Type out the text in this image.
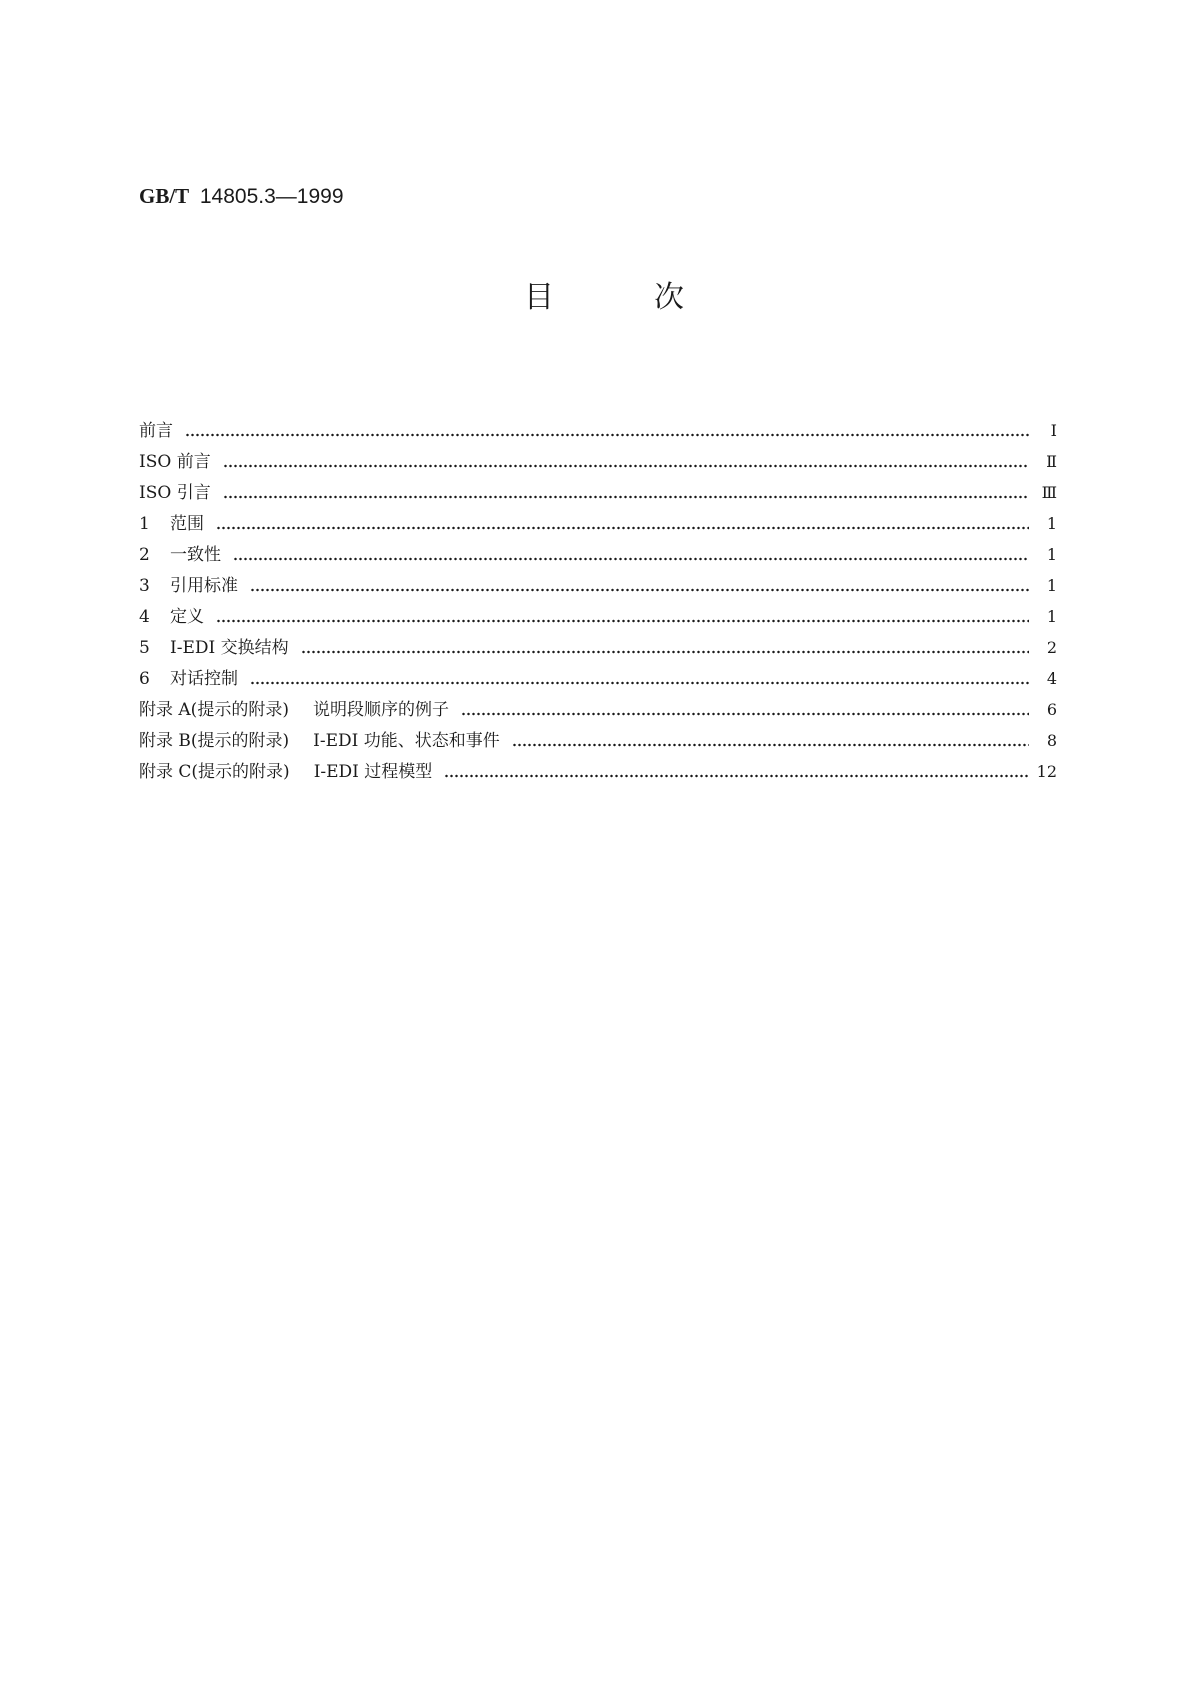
GB/T 14805.3—1999
目	次
前言	Ⅰ
ISO 前言	Ⅱ
ISO 引言	Ⅲ
1	范围	1
2	一致性	1
3	引用标准	1
4	定义	1
5	I-EDI 交换结构	2
6	对话控制	4
附录 A(提示的附录) 说明段顺序的例子	6
附录 B(提示的附录) I-EDI 功能、状态和事件	8
附录 C(提示的附录) I-EDI 过程模型	12
